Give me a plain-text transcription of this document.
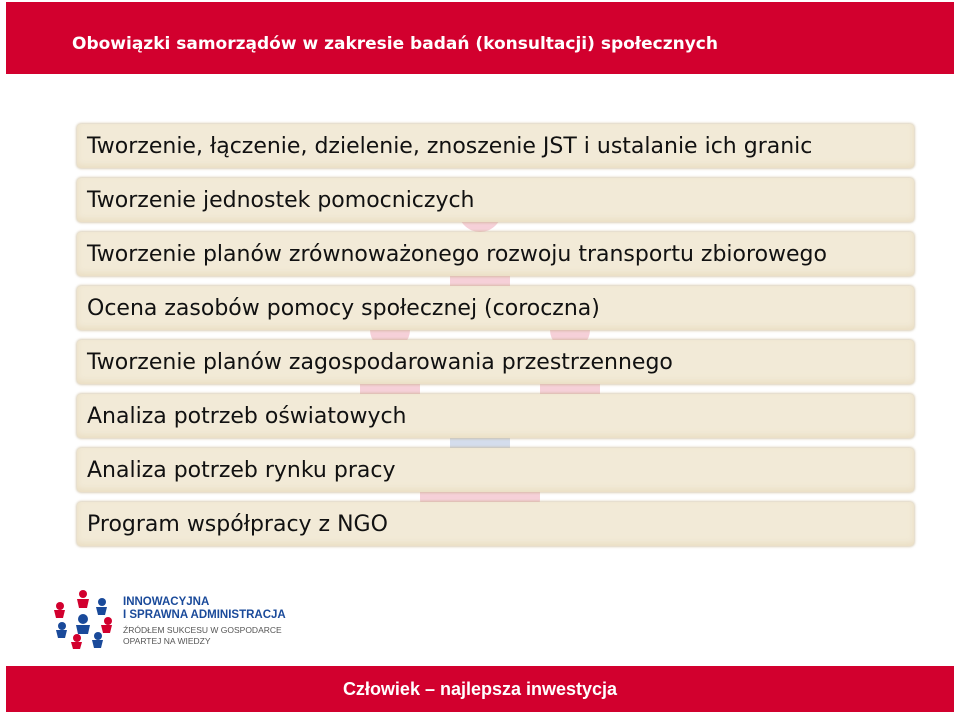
Obowiązki samorządów w zakresie badań (konsultacji) społecznych
Tworzenie, łączenie, dzielenie, znoszenie JST i ustalanie ich granic
Tworzenie jednostek pomocniczych
Tworzenie planów zrównoważonego rozwoju transportu zbiorowego
Ocena zasobów pomocy społecznej (coroczna)
Tworzenie planów zagospodarowania przestrzennego
Analiza potrzeb oświatowych
Analiza potrzeb rynku pracy
Program współpracy z NGO
INNOWACYJNA
I SPRAWNA ADMINISTRACJA
ŹRÓDŁEM SUKCESU W GOSPODARCE
OPARTEJ NA WIEDZY
Człowiek – najlepsza inwestycja
